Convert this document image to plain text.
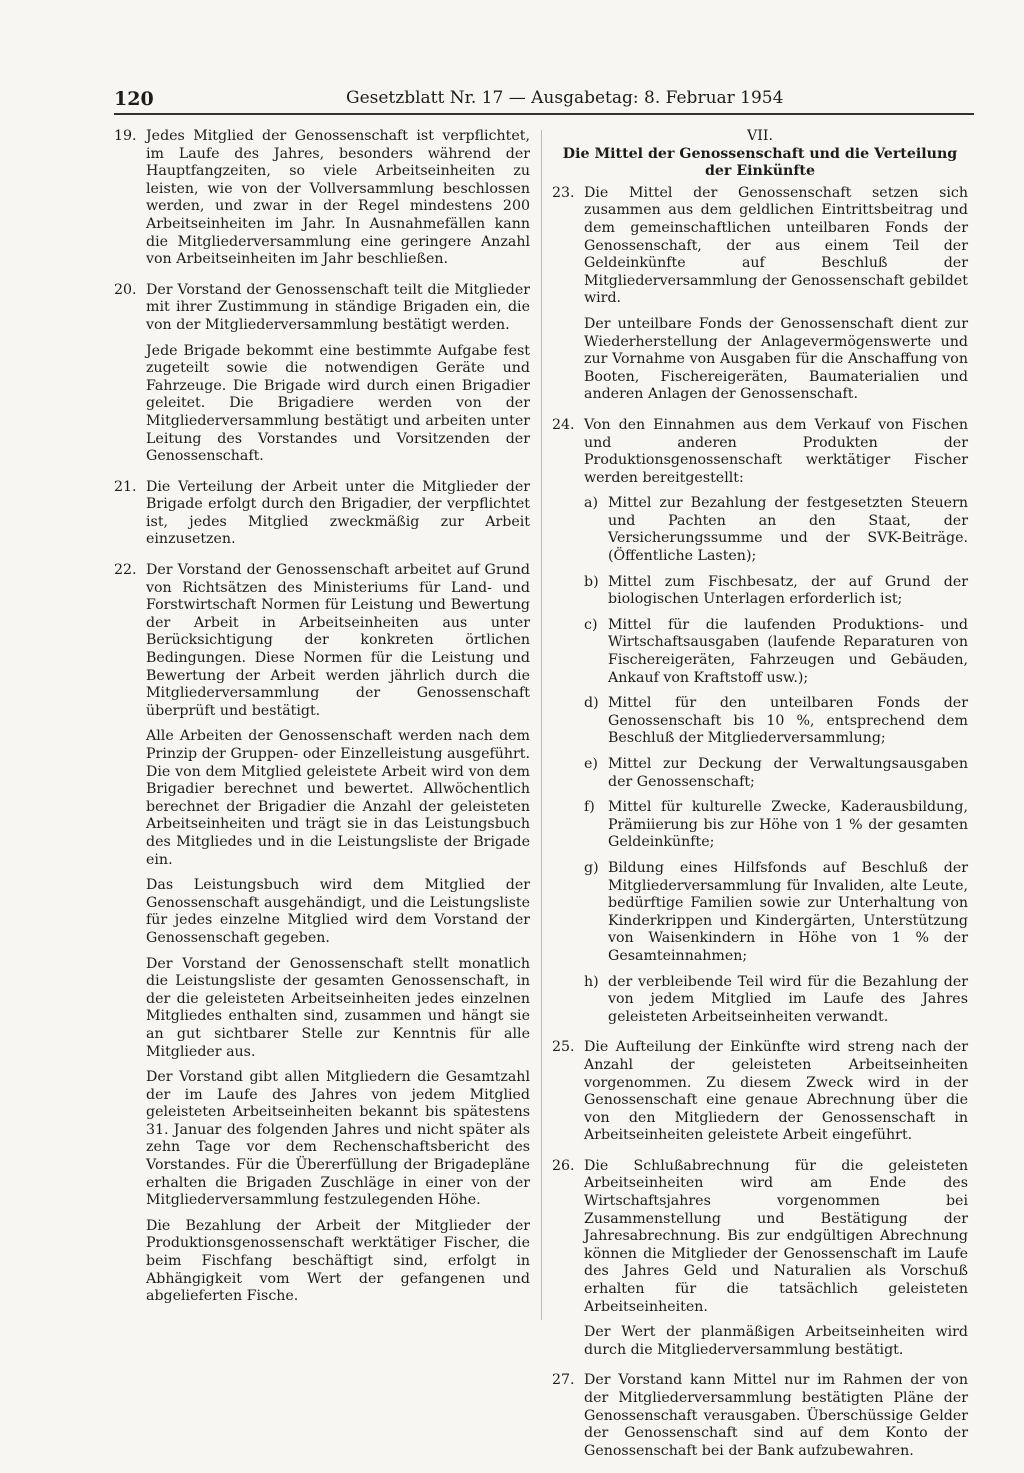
120	Gesetzblatt Nr. 17 — Ausgabetag: 8. Februar 1954
19. Jedes Mitglied der Genossenschaft ist verpflichtet, im Laufe des Jahres, besonders während der Hauptfangzeiten, so viele Arbeitseinheiten zu leisten, wie von der Vollversammlung beschlossen werden, und zwar in der Regel mindestens 200 Arbeitseinheiten im Jahr. In Ausnahmefällen kann die Mitgliederversammlung eine geringere Anzahl von Arbeitseinheiten im Jahr beschließen.

20. Der Vorstand der Genossenschaft teilt die Mitglieder mit ihrer Zustimmung in ständige Brigaden ein, die von der Mitgliederversammlung bestätigt werden.

Jede Brigade bekommt eine bestimmte Aufgabe fest zugeteilt sowie die notwendigen Geräte und Fahrzeuge. Die Brigade wird durch einen Brigadier geleitet. Die Brigadiere werden von der Mitgliederversammlung bestätigt und arbeiten unter Leitung des Vorstandes und Vorsitzenden der Genossenschaft.

21. Die Verteilung der Arbeit unter die Mitglieder der Brigade erfolgt durch den Brigadier, der verpflichtet ist, jedes Mitglied zweckmäßig zur Arbeit einzusetzen.

22. Der Vorstand der Genossenschaft arbeitet auf Grund von Richtsätzen des Ministeriums für Land- und Forstwirtschaft Normen für Leistung und Bewertung der Arbeit in Arbeitseinheiten aus unter Berücksichtigung der konkreten örtlichen Bedingungen. Diese Normen für die Leistung und Bewertung der Arbeit werden jährlich durch die Mitgliederversammlung der Genossenschaft überprüft und bestätigt.

Alle Arbeiten der Genossenschaft werden nach dem Prinzip der Gruppen- oder Einzelleistung ausgeführt. Die von dem Mitglied geleistete Arbeit wird von dem Brigadier berechnet und bewertet. Allwöchentlich berechnet der Brigadier die Anzahl der geleisteten Arbeitseinheiten und trägt sie in das Leistungsbuch des Mitgliedes und in die Leistungsliste der Brigade ein.

Das Leistungsbuch wird dem Mitglied der Genossenschaft ausgehändigt, und die Leistungsliste für jedes einzelne Mitglied wird dem Vorstand der Genossenschaft gegeben.

Der Vorstand der Genossenschaft stellt monatlich die Leistungsliste der gesamten Genossenschaft, in der die geleisteten Arbeitseinheiten jedes einzelnen Mitgliedes enthalten sind, zusammen und hängt sie an gut sichtbarer Stelle zur Kenntnis für alle Mitglieder aus.

Der Vorstand gibt allen Mitgliedern die Gesamtzahl der im Laufe des Jahres von jedem Mitglied geleisteten Arbeitseinheiten bekannt bis spätestens 31. Januar des folgenden Jahres und nicht später als zehn Tage vor dem Rechenschaftsbericht des Vorstandes. Für die Übererfüllung der Brigadepläne erhalten die Brigaden Zuschläge in einer von der Mitgliederversammlung festzulegenden Höhe.

Die Bezahlung der Arbeit der Mitglieder der Produktionsgenossenschaft werktätiger Fischer, die beim Fischfang beschäftigt sind, erfolgt in Abhängigkeit vom Wert der gefangenen und abgelieferten Fische.

VII.

Die Mittel der Genossenschaft und die Verteilung der Einkünfte

23. Die Mittel der Genossenschaft setzen sich zusammen aus dem geldlichen Eintrittsbeitrag und dem gemeinschaftlichen unteilbaren Fonds der Genossenschaft, der aus einem Teil der Geldeinkünfte auf Beschluß der Mitgliederversammlung der Genossenschaft gebildet wird.

Der unteilbare Fonds der Genossenschaft dient zur Wiederherstellung der Anlagevermögenswerte und zur Vornahme von Ausgaben für die Anschaffung von Booten, Fischereigeräten, Baumaterialien und anderen Anlagen der Genossenschaft.

24. Von den Einnahmen aus dem Verkauf von Fischen und anderen Produkten der Produktionsgenossenschaft werktätiger Fischer werden bereitgestellt:

a) Mittel zur Bezahlung der festgesetzten Steuern und Pachten an den Staat, der Versicherungssumme und der SVK-Beiträge. (Öffentliche Lasten);

b) Mittel zum Fischbesatz, der auf Grund der biologischen Unterlagen erforderlich ist;

c) Mittel für die laufenden Produktions- und Wirtschaftsausgaben (laufende Reparaturen von Fischereigeräten, Fahrzeugen und Gebäuden, Ankauf von Kraftstoff usw.);

d) Mittel für den unteilbaren Fonds der Genossenschaft bis 10 %, entsprechend dem Beschluß der Mitgliederversammlung;

e) Mittel zur Deckung der Verwaltungsausgaben der Genossenschaft;

f) Mittel für kulturelle Zwecke, Kaderausbildung, Prämiierung bis zur Höhe von 1 % der gesamten Geldeinkünfte;

g) Bildung eines Hilfsfonds auf Beschluß der Mitgliederversammlung für Invaliden, alte Leute, bedürftige Familien sowie zur Unterhaltung von Kinderkrippen und Kindergärten, Unterstützung von Waisenkindern in Höhe von 1 % der Gesamteinnahmen;

h) der verbleibende Teil wird für die Bezahlung der von jedem Mitglied im Laufe des Jahres geleisteten Arbeitseinheiten verwandt.

25. Die Aufteilung der Einkünfte wird streng nach der Anzahl der geleisteten Arbeitseinheiten vorgenommen. Zu diesem Zweck wird in der Genossenschaft eine genaue Abrechnung über die von den Mitgliedern der Genossenschaft in Arbeitseinheiten geleistete Arbeit eingeführt.

26. Die Schlußabrechnung für die geleisteten Arbeitseinheiten wird am Ende des Wirtschaftsjahres vorgenommen bei Zusammenstellung und Bestätigung der Jahresabrechnung. Bis zur endgültigen Abrechnung können die Mitglieder der Genossenschaft im Laufe des Jahres Geld und Naturalien als Vorschuß erhalten für die tatsächlich geleisteten Arbeitseinheiten.

Der Wert der planmäßigen Arbeitseinheiten wird durch die Mitgliederversammlung bestätigt.

27. Der Vorstand kann Mittel nur im Rahmen der von der Mitgliederversammlung bestätigten Pläne der Genossenschaft verausgaben. Überschüssige Gelder der Genossenschaft sind auf dem Konto der Genossenschaft bei der Bank aufzubewahren.
